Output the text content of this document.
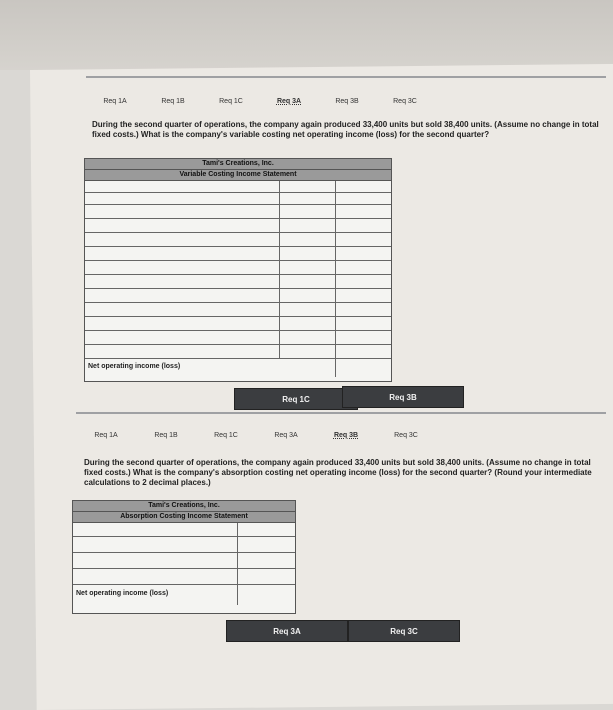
Req 1A	Req 1B	Req 1C	Req 3A	Req 3B	Req 3C
During the second quarter of operations, the company again produced 33,400 units but sold 38,400 units. (Assume no change in total fixed costs.) What is the company's variable costing net operating income (loss) for the second quarter?
Tami's Creations, Inc.
Variable Costing Income Statement
Net operating income (loss)
Req 1C	Req 3B
Req 1A	Req 1B	Req 1C	Req 3A	Req 3B	Req 3C
During the second quarter of operations, the company again produced 33,400 units but sold 38,400 units. (Assume no change in total fixed costs.) What is the company's absorption costing net operating income (loss) for the second quarter? (Round your intermediate calculations to 2 decimal places.)
Tami's Creations, Inc.
Absorption Costing Income Statement
Net operating income (loss)
Req 3A	Req 3C
